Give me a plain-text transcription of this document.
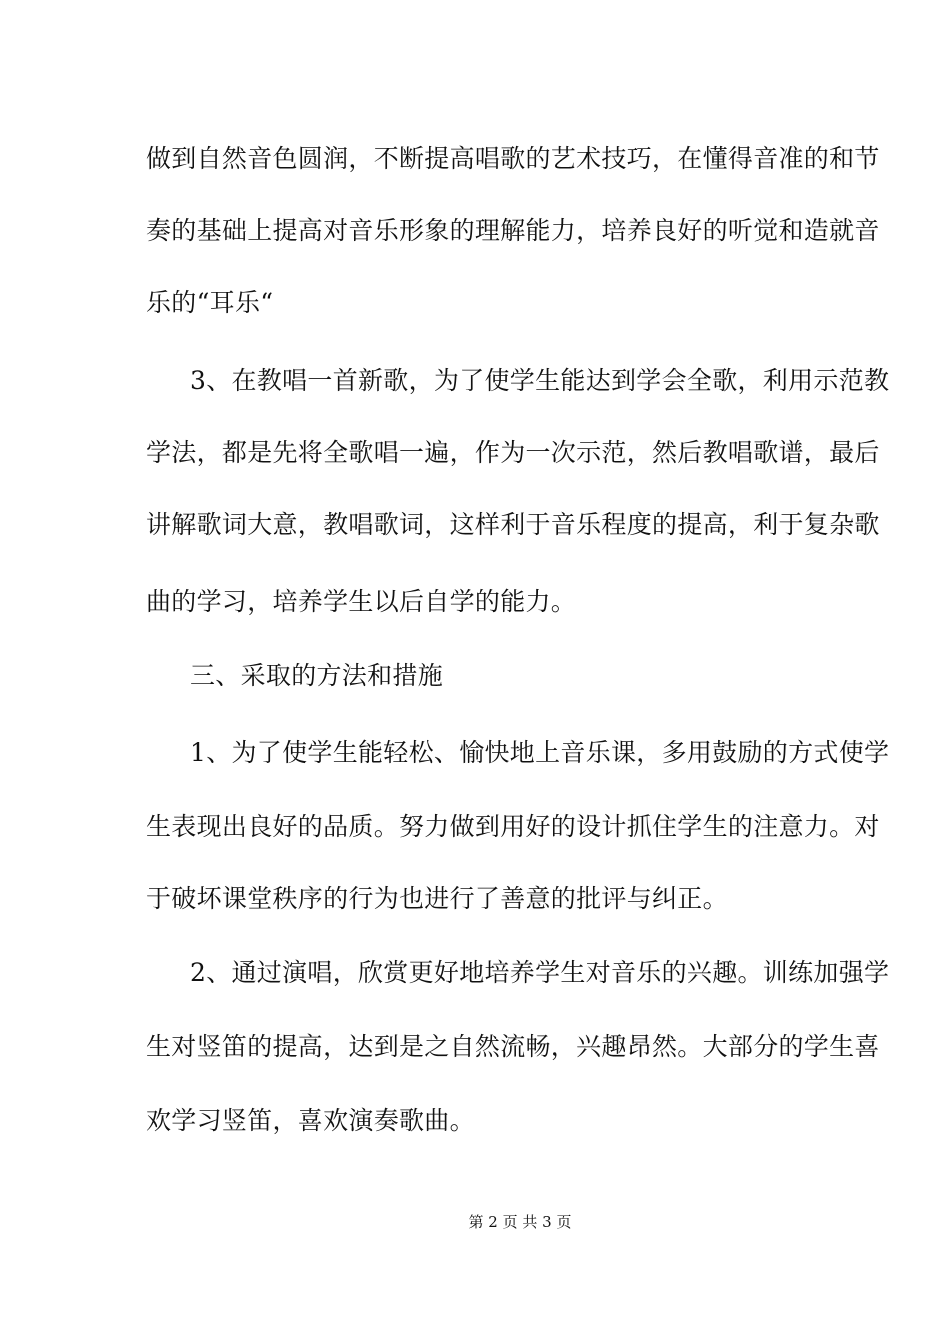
做到自然音色圆润，不断提高唱歌的艺术技巧，在懂得音准的和节
奏的基础上提高对音乐形象的理解能力，培养良好的听觉和造就音
乐的“耳乐“
3、在教唱一首新歌，为了使学生能达到学会全歌，利用示范教
学法，都是先将全歌唱一遍，作为一次示范，然后教唱歌谱，最后
讲解歌词大意，教唱歌词，这样利于音乐程度的提高，利于复杂歌
曲的学习，培养学生以后自学的能力。
三、采取的方法和措施
1、为了使学生能轻松、愉快地上音乐课，多用鼓励的方式使学
生表现出良好的品质。努力做到用好的设计抓住学生的注意力。对
于破坏课堂秩序的行为也进行了善意的批评与纠正。
2、通过演唱，欣赏更好地培养学生对音乐的兴趣。训练加强学
生对竖笛的提高，达到是之自然流畅，兴趣昂然。大部分的学生喜
欢学习竖笛，喜欢演奏歌曲。
第 2 页 共 3 页
